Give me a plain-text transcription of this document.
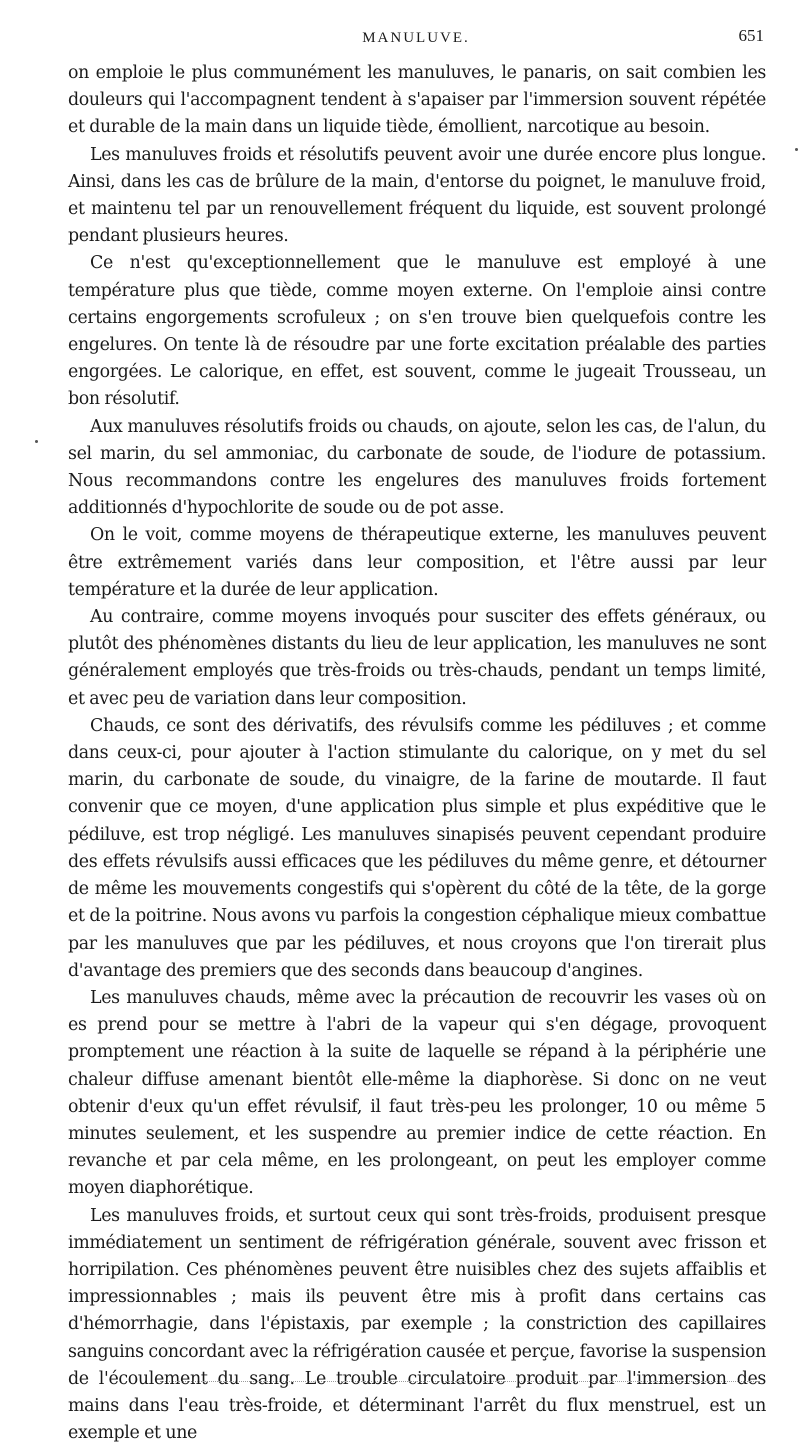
MANULUVE.	651

on emploie le plus communément les manuluves, le panaris, on sait combien les douleurs qui l'accompagnent tendent à s'apaiser par l'immersion souvent répétée et durable de la main dans un liquide tiède, émollient, narcotique au besoin.

Les manuluves froids et résolutifs peuvent avoir une durée encore plus longue. Ainsi, dans les cas de brûlure de la main, d'entorse du poignet, le manuluve froid, et maintenu tel par un renouvellement fréquent du liquide, est souvent prolongé pendant plusieurs heures.

Ce n'est qu'exceptionnellement que le manuluve est employé à une température plus que tiède, comme moyen externe. On l'emploie ainsi contre certains engorgements scrofuleux ; on s'en trouve bien quelquefois contre les engelures. On tente là de résoudre par une forte excitation préalable des parties engorgées. Le calorique, en effet, est souvent, comme le jugeait Trousseau, un bon résolutif.

Aux manuluves résolutifs froids ou chauds, on ajoute, selon les cas, de l'alun, du sel marin, du sel ammoniac, du carbonate de soude, de l'iodure de potassium. Nous recommandons contre les engelures des manuluves froids fortement additionnés d'hypochlorite de soude ou de pot asse.

On le voit, comme moyens de thérapeutique externe, les manuluves peuvent être extrêmement variés dans leur composition, et l'être aussi par leur température et la durée de leur application.

Au contraire, comme moyens invoqués pour susciter des effets généraux, ou plutôt des phénomènes distants du lieu de leur application, les manuluves ne sont généralement employés que très-froids ou très-chauds, pendant un temps limité, et avec peu de variation dans leur composition.

Chauds, ce sont des dérivatifs, des révulsifs comme les pédiluves ; et comme dans ceux-ci, pour ajouter à l'action stimulante du calorique, on y met du sel marin, du carbonate de soude, du vinaigre, de la farine de moutarde. Il faut convenir que ce moyen, d'une application plus simple et plus expéditive que le pédiluve, est trop négligé. Les manuluves sinapisés peuvent cependant produire des effets révulsifs aussi efficaces que les pédiluves du même genre, et détourner de même les mouvements congestifs qui s'opèrent du côté de la tête, de la gorge et de la poitrine. Nous avons vu parfois la congestion céphalique mieux combattue par les manuluves que par les pédiluves, et nous croyons que l'on tirerait plus d'avantage des premiers que des seconds dans beaucoup d'angines.

Les manuluves chauds, même avec la précaution de recouvrir les vases où on es prend pour se mettre à l'abri de la vapeur qui s'en dégage, provoquent promptement une réaction à la suite de laquelle se répand à la périphérie une chaleur diffuse amenant bientôt elle-même la diaphorèse. Si donc on ne veut obtenir d'eux qu'un effet révulsif, il faut très-peu les prolonger, 10 ou même 5 minutes seulement, et les suspendre au premier indice de cette réaction. En revanche et par cela même, en les prolongeant, on peut les employer comme moyen diaphorétique.

Les manuluves froids, et surtout ceux qui sont très-froids, produisent presque immédiatement un sentiment de réfrigération générale, souvent avec frisson et horripilation. Ces phénomènes peuvent être nuisibles chez des sujets affaiblis et impressionnables ; mais ils peuvent être mis à profit dans certains cas d'hémorrhagie, dans l'épistaxis, par exemple ; la constriction des capillaires sanguins concordant avec la réfrigération causée et perçue, favorise la suspension de l'écoulement du sang. Le trouble circulatoire produit par l'immersion des mains dans l'eau très-froide, et déterminant l'arrêt du flux menstruel, est un exemple et une
